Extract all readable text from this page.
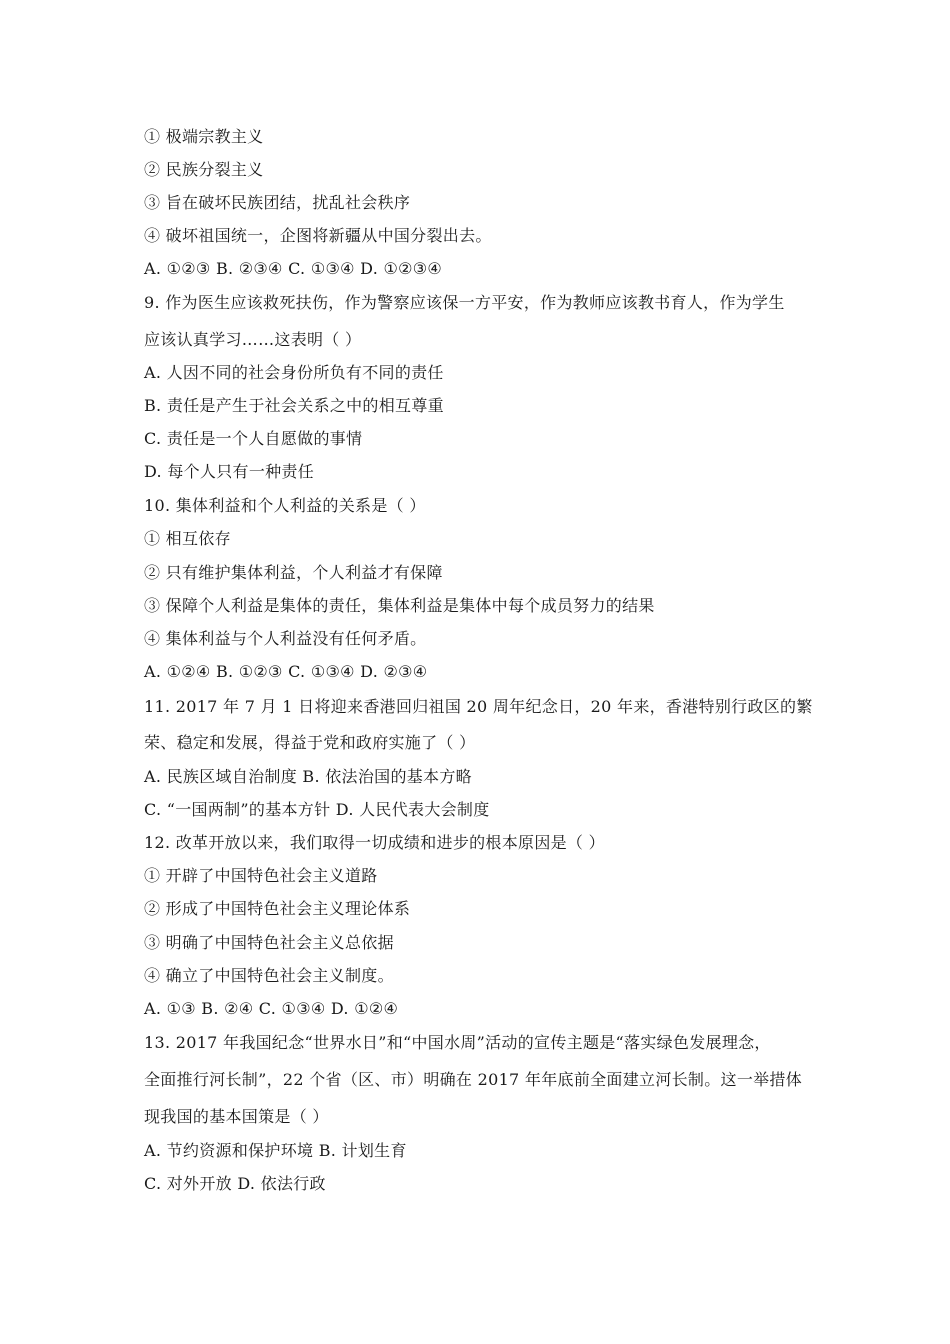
① 极端宗教主义
② 民族分裂主义
③ 旨在破坏民族团结，扰乱社会秩序
④ 破坏祖国统一，企图将新疆从中国分裂出去。
A. ①②③ B. ②③④ C. ①③④ D. ①②③④
9. 作为医生应该救死扶伤，作为警察应该保一方平安，作为教师应该教书育人，作为学生
应该认真学习……这表明（ ）
A. 人因不同的社会身份所负有不同的责任
B. 责任是产生于社会关系之中的相互尊重
C. 责任是一个人自愿做的事情
D. 每个人只有一种责任
10. 集体利益和个人利益的关系是（ ）
① 相互依存
② 只有维护集体利益，个人利益才有保障
③ 保障个人利益是集体的责任，集体利益是集体中每个成员努力的结果
④ 集体利益与个人利益没有任何矛盾。
A. ①②④ B. ①②③ C. ①③④ D. ②③④
11. 2017 年 7 月 1 日将迎来香港回归祖国 20 周年纪念日，20 年来，香港特别行政区的繁
荣、稳定和发展，得益于党和政府实施了（ ）
A. 民族区域自治制度 B. 依法治国的基本方略
C. “一国两制”的基本方针 D. 人民代表大会制度
12. 改革开放以来，我们取得一切成绩和进步的根本原因是（ ）
① 开辟了中国特色社会主义道路
② 形成了中国特色社会主义理论体系
③ 明确了中国特色社会主义总依据
④ 确立了中国特色社会主义制度。
A. ①③ B. ②④ C. ①③④ D. ①②④
13. 2017 年我国纪念“世界水日”和“中国水周”活动的宣传主题是“落实绿色发展理念，
全面推行河长制”，22 个省（区、市）明确在 2017 年年底前全面建立河长制。这一举措体
现我国的基本国策是（ ）
A. 节约资源和保护环境 B. 计划生育
C. 对外开放 D. 依法行政
